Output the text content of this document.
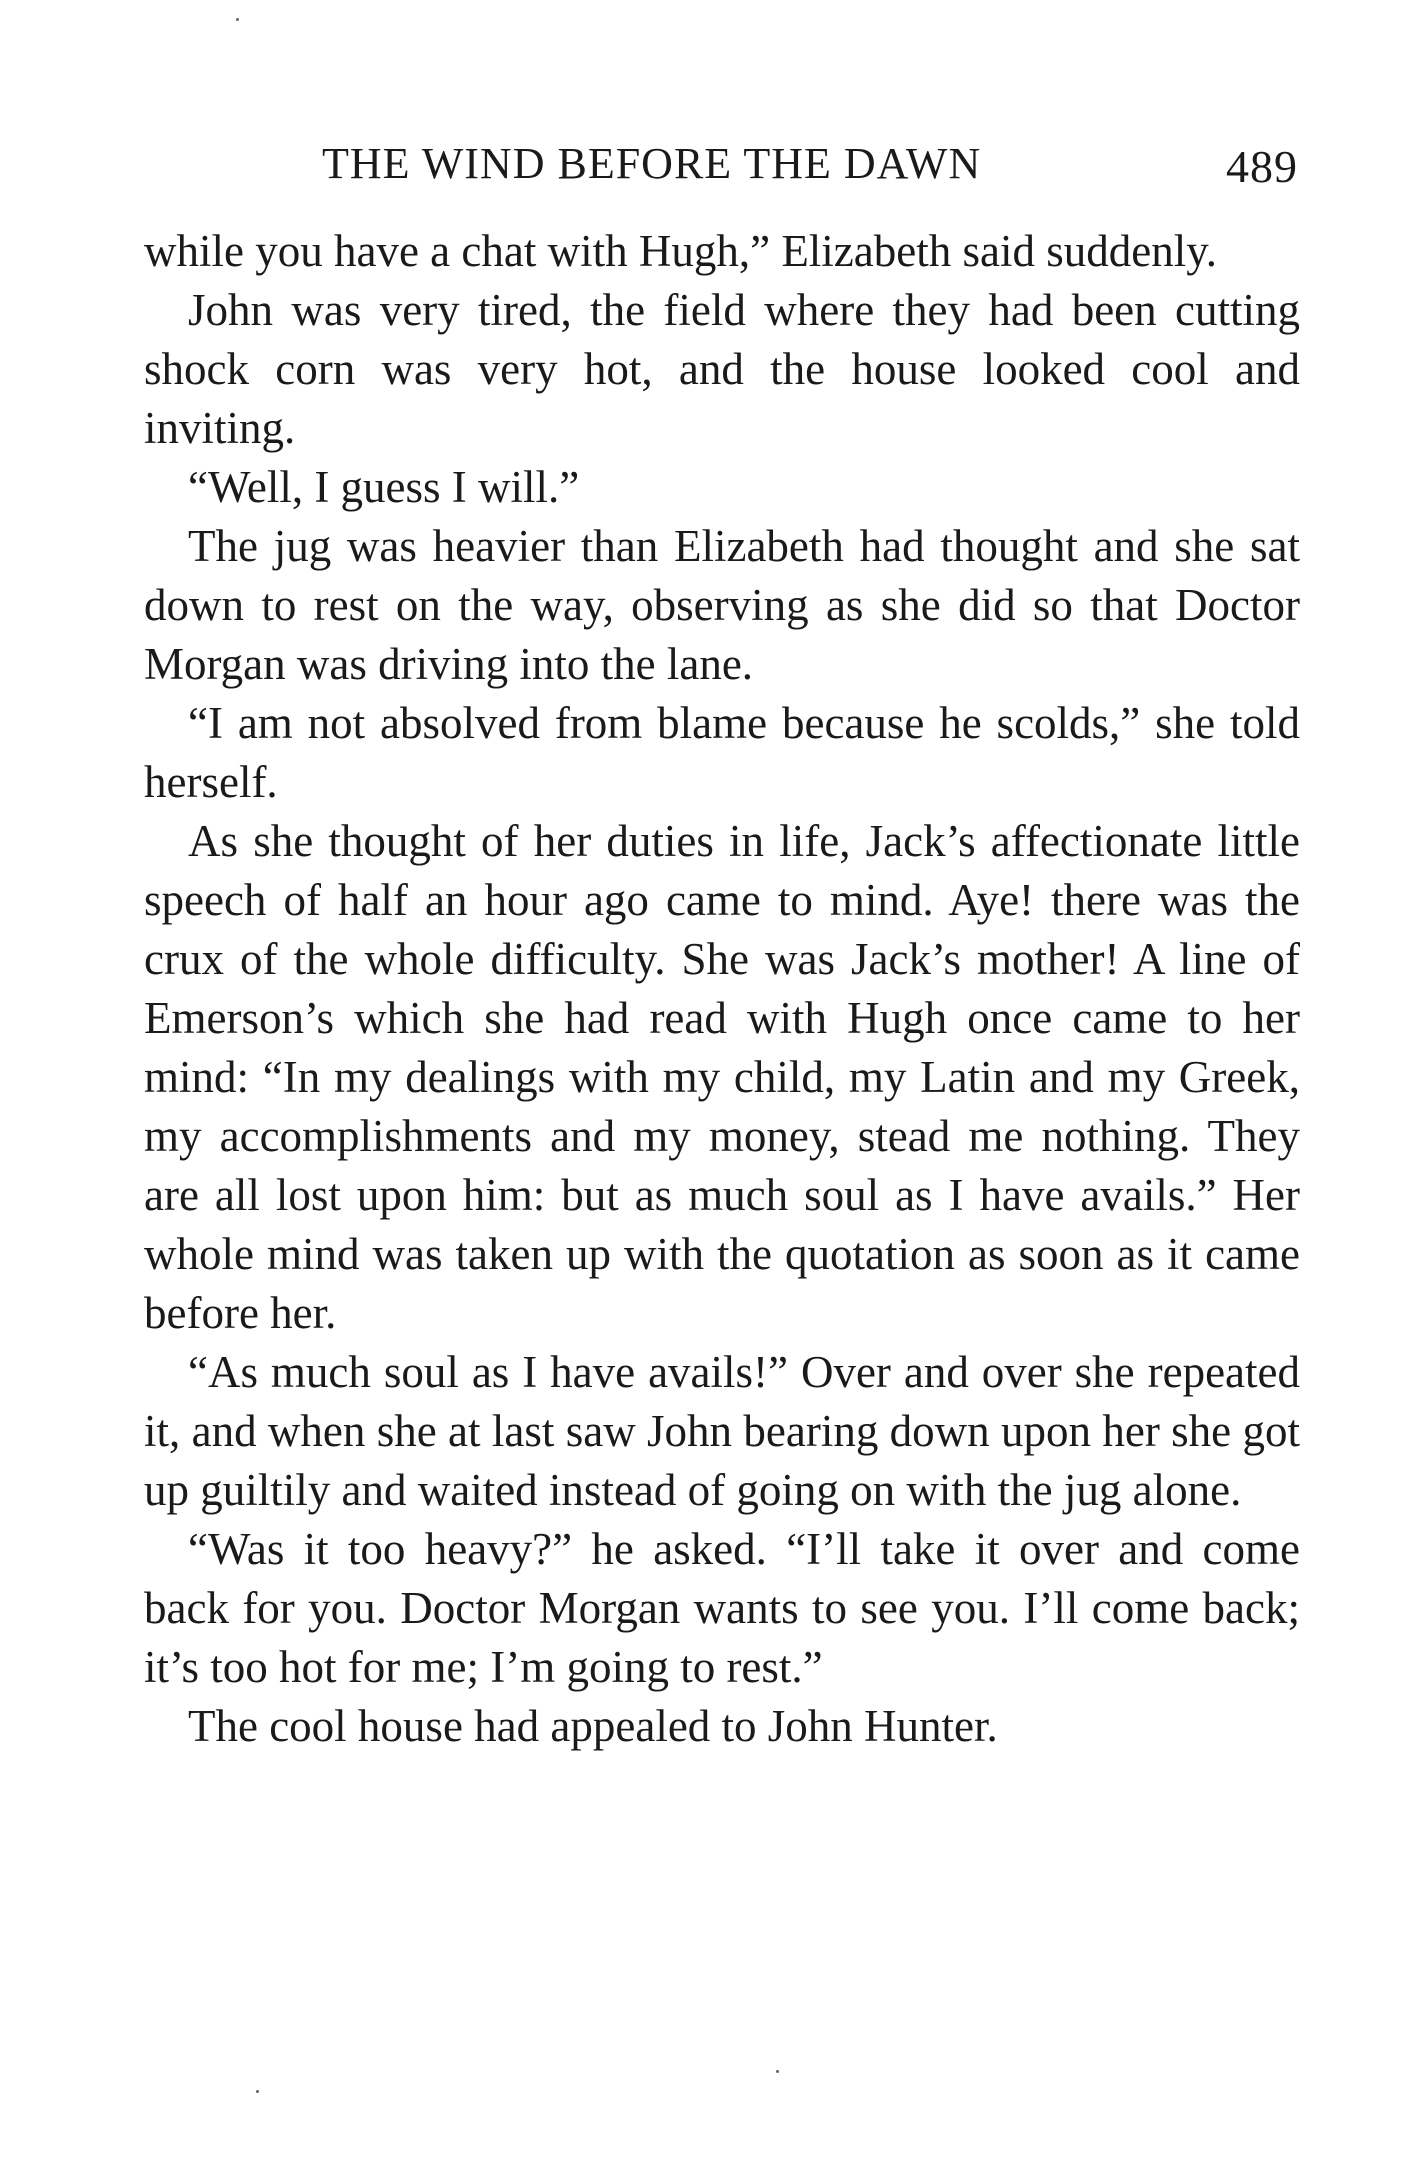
THE WIND BEFORE THE DAWN	489

while you have a chat with Hugh,” Elizabeth said suddenly.

John was very tired, the field where they had been cutting shock corn was very hot, and the house looked cool and inviting.

“Well, I guess I will.”

The jug was heavier than Elizabeth had thought and she sat down to rest on the way, observing as she did so that Doctor Morgan was driving into the lane.

“I am not absolved from blame because he scolds,” she told herself.

As she thought of her duties in life, Jack’s affectionate little speech of half an hour ago came to mind. Aye! there was the crux of the whole difficulty. She was Jack’s mother! A line of Emerson’s which she had read with Hugh once came to her mind: “In my dealings with my child, my Latin and my Greek, my accomplishments and my money, stead me nothing. They are all lost upon him: but as much soul as I have avails.” Her whole mind was taken up with the quotation as soon as it came before her.

“As much soul as I have avails!” Over and over she repeated it, and when she at last saw John bearing down upon her she got up guiltily and waited instead of going on with the jug alone.

“Was it too heavy?” he asked. “I’ll take it over and come back for you. Doctor Morgan wants to see you. I’ll come back; it’s too hot for me; I’m going to rest.”

The cool house had appealed to John Hunter.
